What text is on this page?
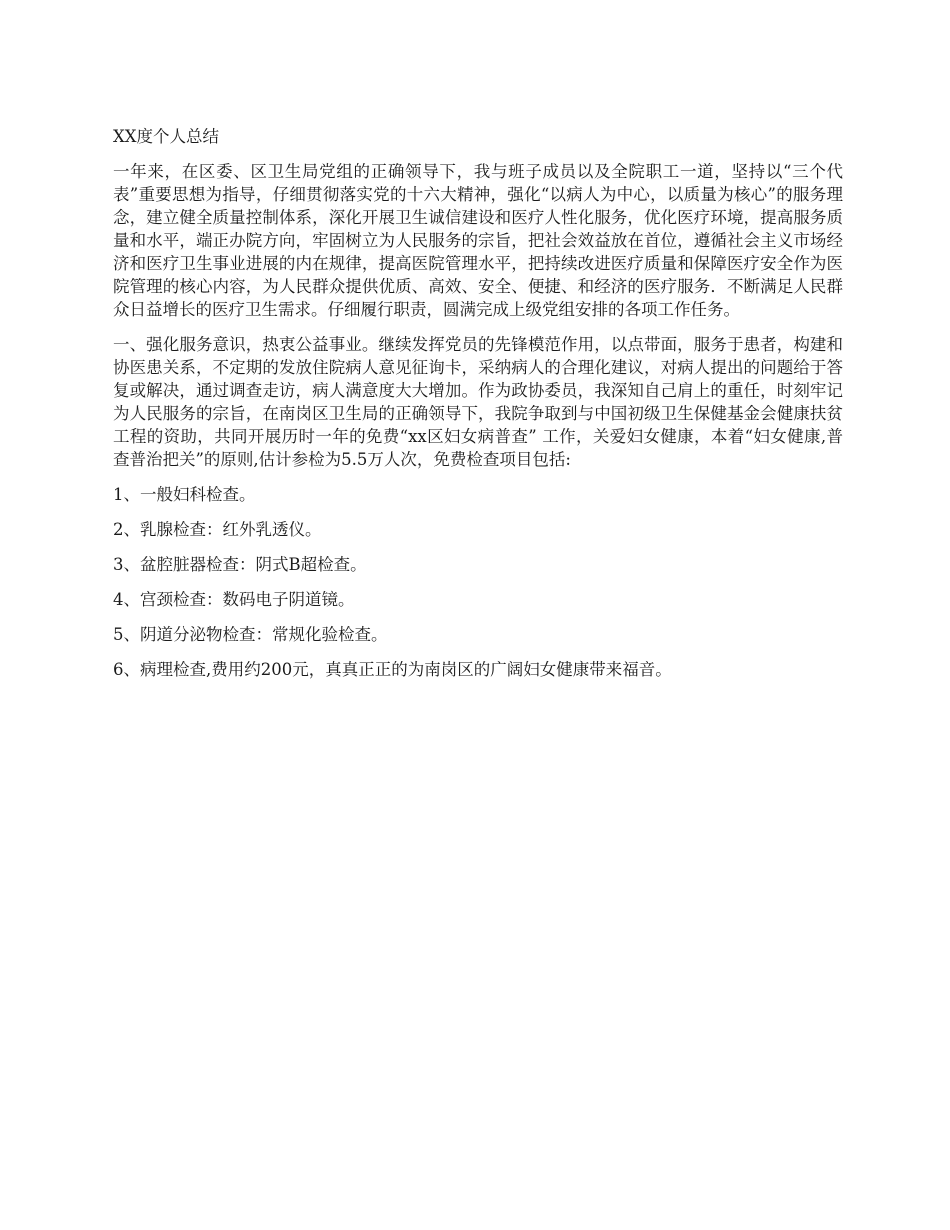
XX度个人总结

一年来，在区委、区卫生局党组的正确领导下，我与班子成员以及全院职工一道，坚持以“三个代表”重要思想为指导，仔细贯彻落实党的十六大精神，强化“以病人为中心，以质量为核心”的服务理念，建立健全质量控制体系，深化开展卫生诚信建设和医疗人性化服务，优化医疗环境，提高服务质量和水平，端正办院方向，牢固树立为人民服务的宗旨，把社会效益放在首位，遵循社会主义市场经济和医疗卫生事业进展的内在规律，提高医院管理水平，把持续改进医疗质量和保障医疗安全作为医院管理的核心内容，为人民群众提供优质、高效、安全、便捷、和经济的医疗服务．不断满足人民群众日益增长的医疗卫生需求。仔细履行职责，圆满完成上级党组安排的各项工作任务。

一、强化服务意识，热衷公益事业。继续发挥党员的先锋模范作用，以点带面，服务于患者，构建和协医患关系，不定期的发放住院病人意见征询卡，采纳病人的合理化建议，对病人提出的问题给于答复或解决，通过调查走访，病人满意度大大增加。作为政协委员，我深知自己肩上的重任，时刻牢记为人民服务的宗旨，在南岗区卫生局的正确领导下，我院争取到与中国初级卫生保健基金会健康扶贫工程的资助，共同开展历时一年的免费“xx区妇女病普查” 工作，关爱妇女健康，本着“妇女健康,普查普治把关”的原则,估计参检为5.5万人次，免费检查项目包括:

1、一般妇科检查。

2、乳腺检查：红外乳透仪。

3、盆腔脏器检查：阴式B超检查。

4、宫颈检查：数码电子阴道镜。

5、阴道分泌物检查：常规化验检查。

6、病理检查,费用约200元，真真正正的为南岗区的广阔妇女健康带来福音。
